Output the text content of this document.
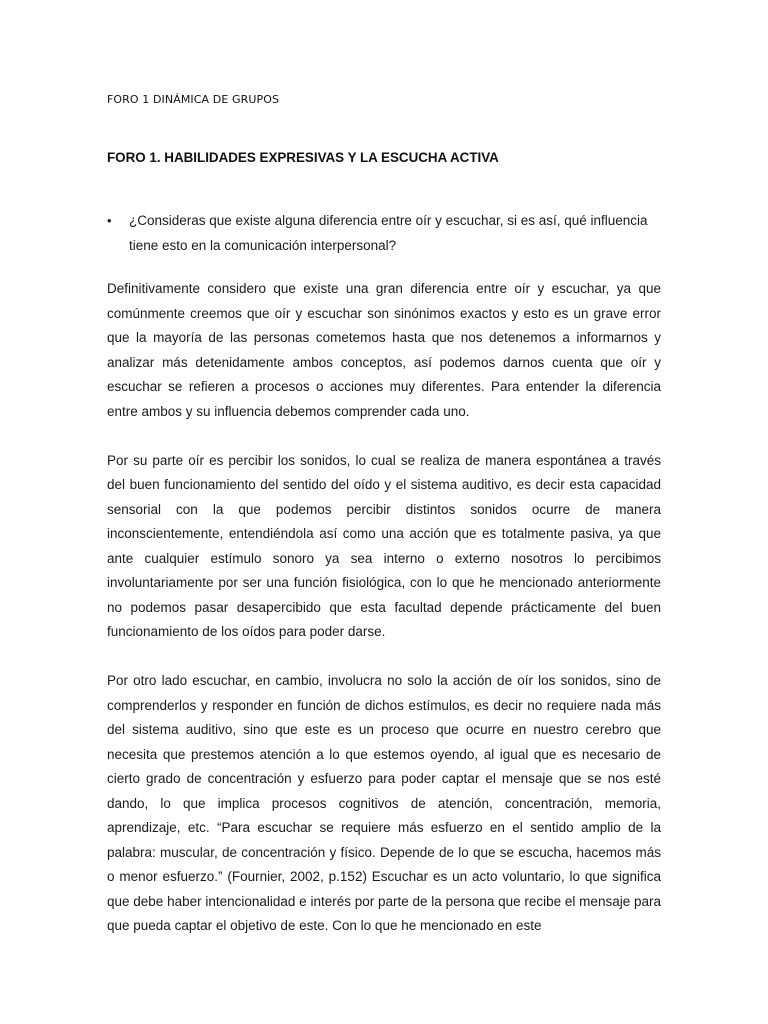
FORO 1 DINÁMICA DE GRUPOS
FORO 1. HABILIDADES EXPRESIVAS Y LA ESCUCHA ACTIVA
•	¿Consideras que existe alguna diferencia entre oír y escuchar, si es así, qué influencia tiene esto en la comunicación interpersonal?

Definitivamente considero que existe una gran diferencia entre oír y escuchar, ya que comúnmente creemos que oír y escuchar son sinónimos exactos y esto es un grave error que la mayoría de las personas cometemos hasta que nos detenemos a informarnos y analizar más detenidamente ambos conceptos, así podemos darnos cuenta que oír y escuchar se refieren a procesos o acciones muy diferentes. Para entender la diferencia entre ambos y su influencia debemos comprender cada uno.

Por su parte oír es percibir los sonidos, lo cual se realiza de manera espontánea a través del buen funcionamiento del sentido del oído y el sistema auditivo, es decir esta capacidad sensorial con la que podemos percibir distintos sonidos ocurre de manera inconscientemente, entendiéndola así como una acción que es totalmente pasiva, ya que ante cualquier estímulo sonoro ya sea interno o externo nosotros lo percibimos involuntariamente por ser una función fisiológica, con lo que he mencionado anteriormente no podemos pasar desapercibido que esta facultad depende prácticamente del buen funcionamiento de los oídos para poder darse.

Por otro lado escuchar, en cambio, involucra no solo la acción de oír los sonidos, sino de comprenderlos y responder en función de dichos estímulos, es decir no requiere nada más del sistema auditivo, sino que este es un proceso que ocurre en nuestro cerebro que necesita que prestemos atención a lo que estemos oyendo, al igual que es necesario de cierto grado de concentración y esfuerzo para poder captar el mensaje que se nos esté dando, lo que implica procesos cognitivos de atención, concentración, memoria, aprendizaje, etc. “Para escuchar se requiere más esfuerzo en el sentido amplio de la palabra: muscular, de concentración y físico. Depende de lo que se escucha, hacemos más o menor esfuerzo.” (Fournier, 2002, p.152) Escuchar es un acto voluntario, lo que significa que debe haber intencionalidad e interés por parte de la persona que recibe el mensaje para que pueda captar el objetivo de este. Con lo que he mencionado en este
